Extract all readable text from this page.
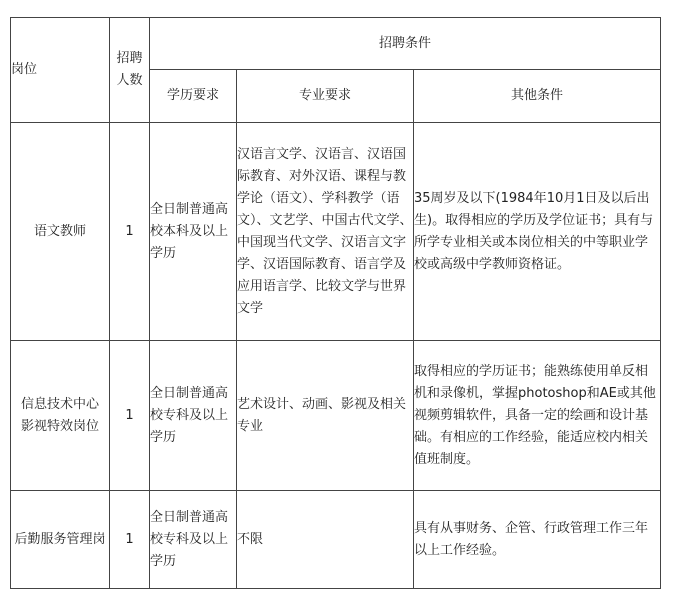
岗位	招聘人数	招聘条件		
		学历要求	专业要求	其他条件
语文教师	1	全日制普通高校本科及以上学历	汉语言文学、汉语言、汉语国际教育、对外汉语、课程与教学论（语文）、学科教学（语文）、文艺学、中国古代文学、中国现当代文学、汉语言文字学、汉语国际教育、语言学及应用语言学、比较文学与世界文学	35周岁及以下(1984年10月1日及以后出生)。取得相应的学历及学位证书；具有与所学专业相关或本岗位相关的中等职业学校或高级中学教师资格证。
信息技术中心影视特效岗位	1	全日制普通高校专科及以上学历	艺术设计、动画、影视及相关专业	取得相应的学历证书；能熟练使用单反相机和录像机，掌握photoshop和AE或其他视频剪辑软件，具备一定的绘画和设计基础。有相应的工作经验，能适应校内相关值班制度。
后勤服务管理岗	1	全日制普通高校专科及以上学历	不限	具有从事财务、企管、行政管理工作三年以上工作经验。
